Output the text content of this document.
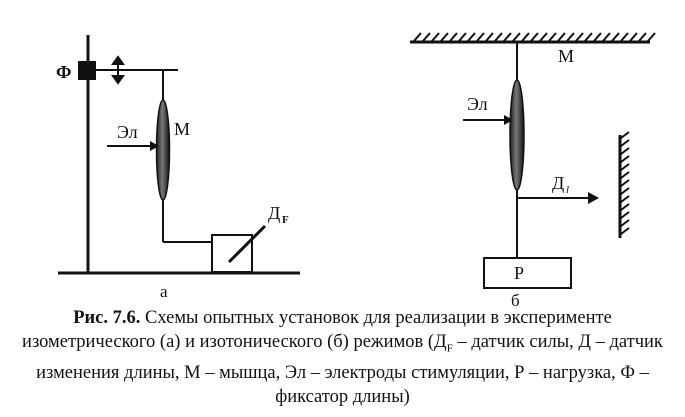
Ф
Эл М
Д F
а
М
Эл
Д l
Р
б
Рис. 7.6. Схемы опытных установок для реализации в эксперименте изометрического (а) и изотонического (б) режимов ($Д_F$ – датчик силы, Д – датчик изменения длины, М – мышца, Эл – электроды стимуляции, Р – нагрузка, Ф – фиксатор длины)
